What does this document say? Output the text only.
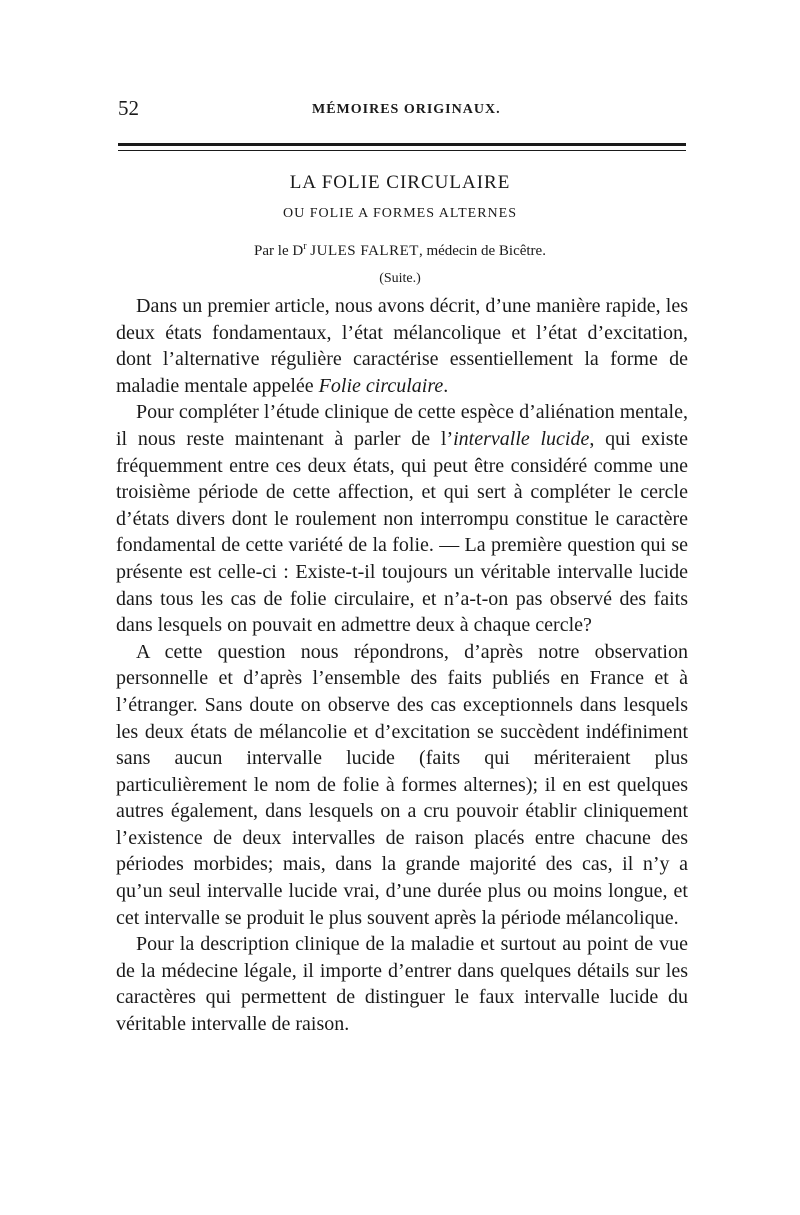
52	MÉMOIRES ORIGINAUX.
LA FOLIE CIRCULAIRE
OU FOLIE A FORMES ALTERNES
Par le $D^r$ JULES FALRET, médecin de Bicêtre.
(Suite.)

Dans un premier article, nous avons décrit, d’une manière rapide, les deux états fondamentaux, l’état mélancolique et l’état d’excitation, dont l’alternative régulière caractérise essentiellement la forme de maladie mentale appelée Folie circulaire.

Pour compléter l’étude clinique de cette espèce d’aliénation mentale, il nous reste maintenant à parler de l’intervalle lucide, qui existe fréquemment entre ces deux états, qui peut être considéré comme une troisième période de cette affection, et qui sert à compléter le cercle d’états divers dont le roulement non interrompu constitue le caractère fondamental de cette variété de la folie. — La première question qui se présente est celle-ci : Existe-t-il toujours un véritable intervalle lucide dans tous les cas de folie circulaire, et n’a-t-on pas observé des faits dans lesquels on pouvait en admettre deux à chaque cercle?

A cette question nous répondrons, d’après notre observation personnelle et d’après l’ensemble des faits publiés en France et à l’étranger. Sans doute on observe des cas exceptionnels dans lesquels les deux états de mélancolie et d’excitation se succèdent indéfiniment sans aucun intervalle lucide (faits qui mériteraient plus particulièrement le nom de folie à formes alternes); il en est quelques autres également, dans lesquels on a cru pouvoir établir cliniquement l’existence de deux intervalles de raison placés entre chacune des périodes morbides; mais, dans la grande majorité des cas, il n’y a qu’un seul intervalle lucide vrai, d’une durée plus ou moins longue, et cet intervalle se produit le plus souvent après la période mélancolique.

Pour la description clinique de la maladie et surtout au point de vue de la médecine légale, il importe d’entrer dans quelques détails sur les caractères qui permettent de distinguer le faux intervalle lucide du véritable intervalle de raison.
